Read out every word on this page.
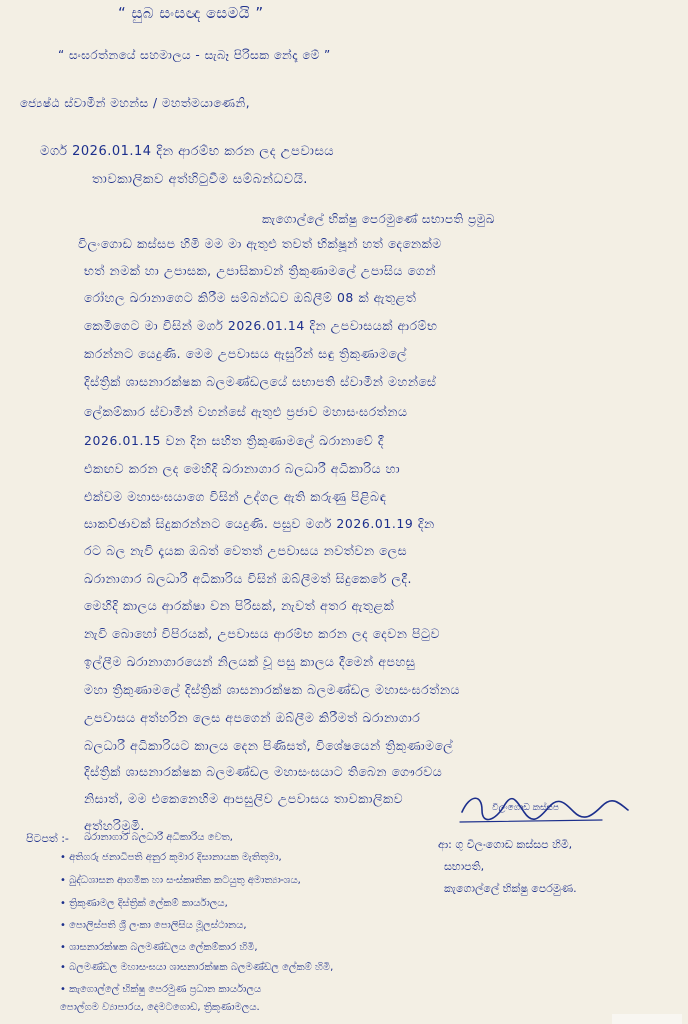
“ සුබ සංසඥ සෙමයි ”
“ සංඝරත්නයේ සහමාලය - සැබෑ පිරිසක නේදෑ මේ ”
ජ්‍යෙෂ්ඨ ස්වාමීන් මහන්ස / මහත්මයාණෙනි,
මර්ග 2026.01.14 දින ආරම්භ කරන ලද උපවාසය
තාවකාලිකව අත්හිටුවීම සම්බන්ධවයි.
කැගොල්ලේ භික්ෂු පෙරමුණේ සභාපති ප්‍රමුඛ
විලංගොඩ කස්සප හිමි මම මා ඇතුළු තවත් භික්ෂූන් හත් දෙනෙක්ම
භත් නමක් හා උපාසක, උපාසිකාවන් ත්‍රිකුණාමලේ උපාසිය ගෙන්
රෝහල ඛරානාගෙට කිරීම සම්බන්ධව ඔබ්ලීම් 08 ක් ඇතුළත්
කෙමිගෙට මා විසින් මර්ග 2026.01.14 දින උපවාසයක් ආරම්භ
කරන්නට යෙදුණි. මෙම උපවාසය ඇසුරින් සඳු ත්‍රිකුණාමලේ
දිස්ත්‍රික් ශාසනාරක්ෂක බලමණ්ඩලයේ සභාපති ස්වාමීන් මහන්සේ
ලේකම්කාර ස්වාමීන් වහන්සේ ඇතුළු ප්‍රජාව මහාසංඝරත්නය
2026.01.15 වන දින සහිත ත්‍රිකුණාමලේ ඛරානාවේ දී
එකඟව කරන ලද මෙහිදි ඛරානාගාර බලධාරී අධිකාරිය හා
එක්වම මහාසංඝයාගෙ විසින් උද්ගල ඇති කරුණු පිළිබඳ
සාකච්ඡාවක් සිදුකරන්නට යෙදුණි. පසුව මර්ග 2026.01.19 දින
රට බල නැවි දෑයක ඔබත් වෙතත් උපවාසය නවත්වන ලෙස
ඛරානාගාර බලධාරී අධිකාරිය විසින් ඔබ්ලීමත් සිදුකෙරේ ලදී.
මෙහිදි කාලය ආරක්ෂා වන පිරිසක්, නැවත් අතර ඇතුළක්
නැවි බොහෝ විපිරයක්, උපවාසය ආරම්භ කරන ලද දෙවන පිටුව
ඉල්ලීම ඛරානාගාරයෙන් නිලයක් වූ පසු කාලය දීමෙන් අපහසු
මහා ත්‍රිකුණාමලේ දිස්ත්‍රික් ශාසනාරක්ෂක බලමණ්ඩල මහාසංඝරත්නය
උපවාසය අත්හරින ලෙස අපගෙන් ඔබ්ලීම කිරීමත් ඛරානාගාර
බලධාරී අධිකාරියට කාලය දෙන පිණිසත්, විශේෂයෙන් ත්‍රිකුණාමලේ
දිස්ත්‍රික් ශාසනාරක්ෂක බලමණ්ඩල මහාසංඝයාට තිබෙන ගෞරවය
නිසාත්, මම එකෙනෙහිම ආපසුලිව උපවාසය තාවකාලිකව
අත්හරිමුමි.
විලංගොඩ කස්සප
ආ: ගු විලංගොඩ කස්සප හිමි,
සභාපති,
කැගොල්ලේ භික්ෂු පෙරමුණ.
පිටපත් :- ඛරානාගාර බලධාරී අධිකාරිය වෙත,
• අතිගරු ජනාධිපති අනුර කුමාර දිසානායක මැතිතුමා,
• බුද්ධශාසන ආගමික හා සංස්කෘතික කටයුතු අමාත්‍යාංශය,
• ත්‍රිකුණාමල දිස්ත්‍රික් ලේකම් කාර්යාලය,
• පොලිස්පති ශ්‍රී ලංකා පොලිසිය මූලස්ථානය,
• ශාසනාරක්ෂක බලමණ්ඩලය ලේකම්කාර හිමි,
• බලමණ්ඩල මහාසංඝයා ශාසනාරක්ෂක බලමණ්ඩල ලේකම් හිමි,
• කැගොල්ලේ භික්ෂු පෙරමුණ ප්‍රධාන කාර්යාලය
පොල්ගම ව්‍යාපාරය, දෙමටගොඩ, ත්‍රිකුණාමලය.
